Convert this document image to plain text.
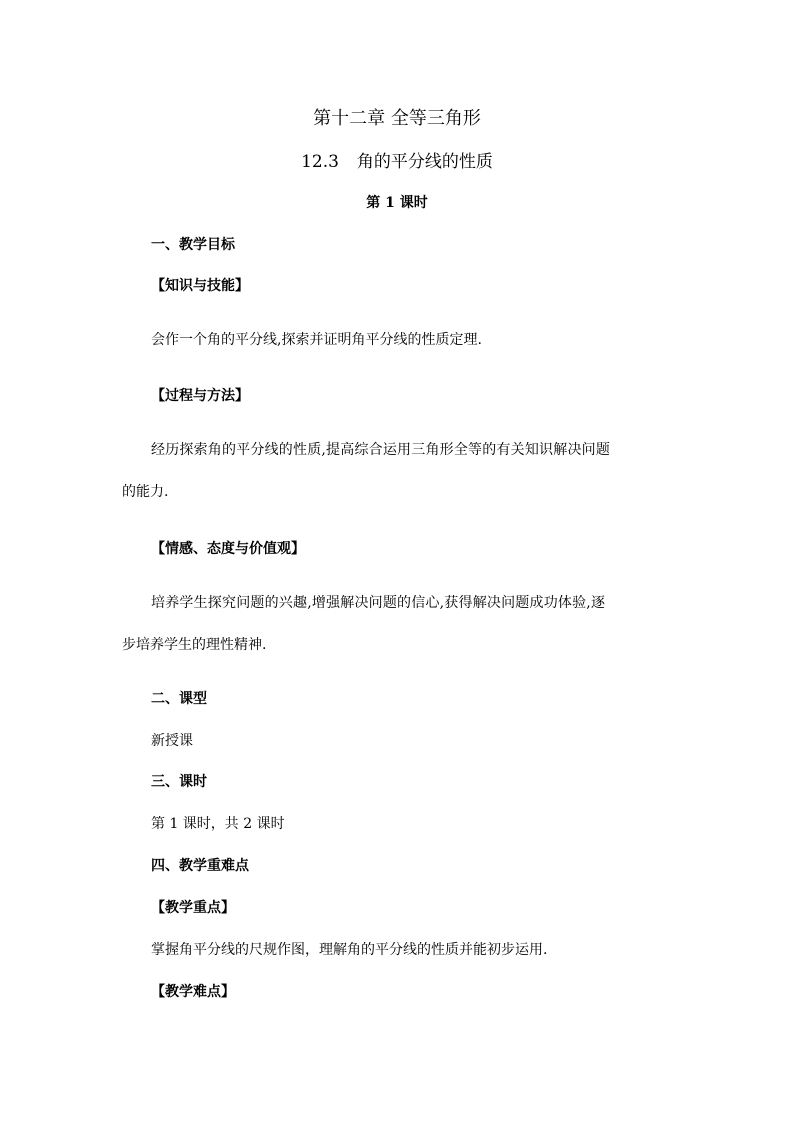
第十二章 全等三角形
12.3 角的平分线的性质
第 1 课时
一、教学目标
【知识与技能】
会作一个角的平分线,探索并证明角平分线的性质定理.
【过程与方法】
经历探索角的平分线的性质,提高综合运用三角形全等的有关知识解决问题
的能力.
【情感、态度与价值观】
培养学生探究问题的兴趣,增强解决问题的信心,获得解决问题成功体验,逐
步培养学生的理性精神.
二、课型
新授课
三、课时
第 1 课时，共 2 课时
四、教学重难点
【教学重点】
掌握角平分线的尺规作图，理解角的平分线的性质并能初步运用.
【教学难点】
